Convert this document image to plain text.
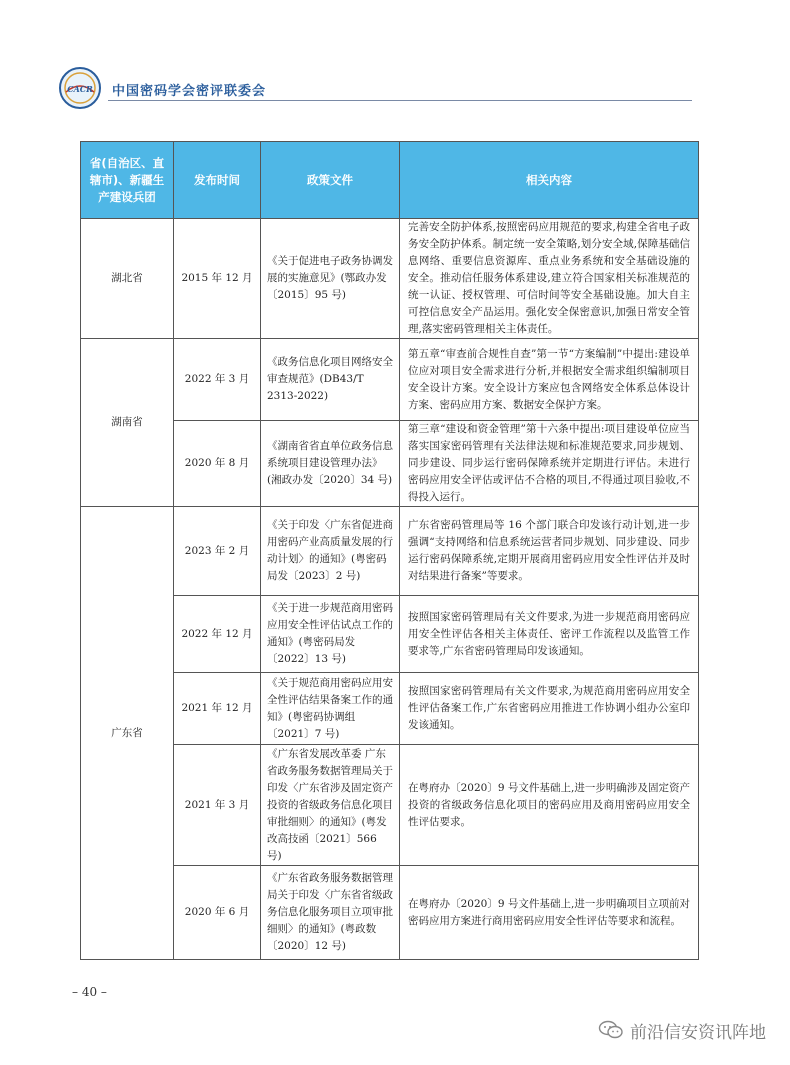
CACR 中国密码学会密评联委会
省(自治区、直辖市)、新疆生产建设兵团	发布时间	政策文件	相关内容
湖北省	2015 年 12 月	《关于促进电子政务协调发展的实施意见》(鄂政办发〔2015〕95 号)	完善安全防护体系,按照密码应用规范的要求,构建全省电子政务安全防护体系。制定统一安全策略,划分安全域,保障基础信息网络、重要信息资源库、重点业务系统和安全基础设施的安全。推动信任服务体系建设,建立符合国家相关标准规范的统一认证、授权管理、可信时间等安全基础设施。加大自主可控信息安全产品运用。强化安全保密意识,加强日常安全管理,落实密码管理相关主体责任。
湖南省	2022 年 3 月	《政务信息化项目网络安全审查规范》(DB43/T 2313-2022)	第五章“审查前合规性自查”第一节“方案编制”中提出:建设单位应对项目安全需求进行分析,并根据安全需求组织编制项目安全设计方案。安全设计方案应包含网络安全体系总体设计方案、密码应用方案、数据安全保护方案。
	2020 年 8 月	《湖南省省直单位政务信息系统项目建设管理办法》(湘政办发〔2020〕34 号)	第三章“建设和资金管理”第十六条中提出:项目建设单位应当落实国家密码管理有关法律法规和标准规范要求,同步规划、同步建设、同步运行密码保障系统并定期进行评估。未进行密码应用安全评估或评估不合格的项目,不得通过项目验收,不得投入运行。
广东省	2023 年 2 月	《关于印发〈广东省促进商用密码产业高质量发展的行动计划〉的通知》(粤密码局发〔2023〕2 号)	广东省密码管理局等 16 个部门联合印发该行动计划,进一步强调“支持网络和信息系统运营者同步规划、同步建设、同步运行密码保障系统,定期开展商用密码应用安全性评估并及时对结果进行备案”等要求。
	2022 年 12 月	《关于进一步规范商用密码应用安全性评估试点工作的通知》(粤密码局发〔2022〕13 号)	按照国家密码管理局有关文件要求,为进一步规范商用密码应用安全性评估各相关主体责任、密评工作流程以及监管工作要求等,广东省密码管理局印发该通知。
	2021 年 12 月	《关于规范商用密码应用安全性评估结果备案工作的通知》(粤密码协调组〔2021〕7 号)	按照国家密码管理局有关文件要求,为规范商用密码应用安全性评估备案工作,广东省密码应用推进工作协调小组办公室印发该通知。
	2021 年 3 月	《广东省发展改革委 广东省政务服务数据管理局关于印发〈广东省涉及固定资产投资的省级政务信息化项目审批细则〉的通知》(粤发改高技函〔2021〕566 号)	在粤府办〔2020〕9 号文件基础上,进一步明确涉及固定资产投资的省级政务信息化项目的密码应用及商用密码应用安全性评估要求。
	2020 年 6 月	《广东省政务服务数据管理局关于印发〈广东省省级政务信息化服务项目立项审批细则〉的通知》(粤政数〔2020〕12 号)	在粤府办〔2020〕9 号文件基础上,进一步明确项目立项前对密码应用方案进行商用密码应用安全性评估等要求和流程。
– 40 –
前沿信安资讯阵地
